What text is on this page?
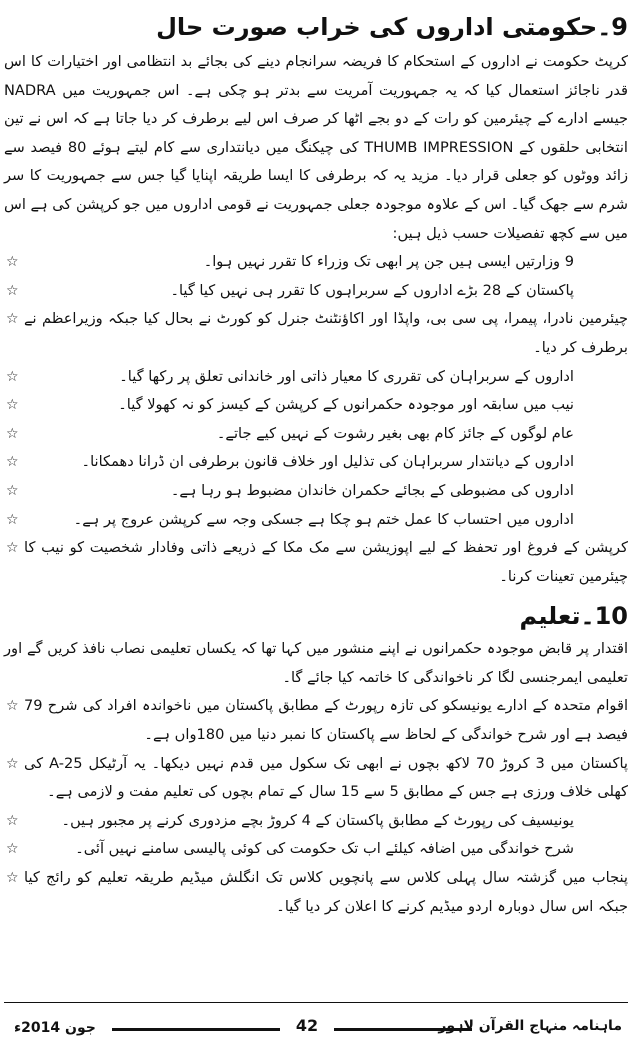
9۔حکومتی اداروں کی خراب صورت حال

کرپٹ حکومت نے اداروں کے استحکام کا فریضہ سرانجام دینے کی بجائے بد انتظامی اور اختیارات کا اس قدر ناجائز استعمال کیا کہ یہ جمہوریت آمریت سے بدتر ہو چکی ہے۔ اس جمہوریت میں NADRA جیسے ادارے کے چیئرمین کو رات کے دو بجے اٹھا کر صرف اس لیے برطرف کر دیا جاتا ہے کہ اس نے تین انتخابی حلقوں کے THUMB IMPRESSION کی چیکنگ میں دیانتداری سے کام لیتے ہوئے 80 فیصد سے زائد ووٹوں کو جعلی قرار دیا۔ مزید یہ کہ برطرفی کا ایسا طریقہ اپنایا گیا جس سے جمہوریت کا سر شرم سے جھک گیا۔ اس کے علاوہ موجودہ جعلی جمہوریت نے قومی اداروں میں جو کرپشن کی ہے اس میں سے کچھ تفصیلات حسب ذیل ہیں:

☆	9 وزارتیں ایسی ہیں جن پر ابھی تک وزراء کا تقرر نہیں ہوا۔
☆	پاکستان کے 28 بڑے اداروں کے سربراہوں کا تقرر ہی نہیں کیا گیا۔
☆ چیئرمین نادرا، پیمرا، پی سی بی، واپڈا اور اکاؤنٹنٹ جنرل کو کورٹ نے بحال کیا جبکہ وزیراعظم نے برطرف کر دیا۔
☆	اداروں کے سربراہان کی تقرری کا معیار ذاتی اور خاندانی تعلق پر رکھا گیا۔
☆	نیب میں سابقہ اور موجودہ حکمرانوں کے کرپشن کے کیسز کو نہ کھولا گیا۔
☆	عام لوگوں کے جائز کام بھی بغیر رشوت کے نہیں کیے جاتے۔
☆	اداروں کے دیانتدار سربراہان کی تذلیل اور خلاف قانون برطرفی ان ڈرانا دھمکانا۔
☆	اداروں کی مضبوطی کے بجائے حکمران خاندان مضبوط ہو رہا ہے۔
☆	اداروں میں احتساب کا عمل ختم ہو چکا ہے جسکی وجہ سے کرپشن عروج پر ہے۔
☆ کرپشن کے فروغ اور تحفظ کے لیے اپوزیشن سے مک مکا کے ذریعے ذاتی وفادار شخصیت کو نیب کا چیئرمین تعینات کرنا۔
10۔تعلیم

اقتدار پر قابض موجودہ حکمرانوں نے اپنے منشور میں کہا تھا کہ یکساں تعلیمی نصاب نافذ کریں گے اور تعلیمی ایمرجنسی لگا کر ناخواندگی کا خاتمہ کیا جائے گا۔

☆ اقوام متحدہ کے ادارے یونیسکو کی تازہ رپورٹ کے مطابق پاکستان میں ناخواندہ افراد کی شرح 79 فیصد ہے اور شرح خواندگی کے لحاظ سے پاکستان کا نمبر دنیا میں 180واں ہے۔
☆ پاکستان میں 3 کروڑ 70 لاکھ بچوں نے ابھی تک سکول میں قدم نہیں دیکھا۔ یہ آرٹیکل A-25 کی کھلی خلاف ورزی ہے جس کے مطابق 5 سے 15 سال کے تمام بچوں کی تعلیم مفت و لازمی ہے۔
☆	یونیسیف کی رپورٹ کے مطابق پاکستان کے 4 کروڑ بچے مزدوری کرنے پر مجبور ہیں۔
☆	شرح خواندگی میں اضافہ کیلئے اب تک حکومت کی کوئی پالیسی سامنے نہیں آئی۔
☆ پنجاب میں گزشتہ سال پہلی کلاس سے پانچویں کلاس تک انگلش میڈیم طریقہ تعلیم کو رائج کیا جبکہ اس سال دوبارہ اردو میڈیم کرنے کا اعلان کر دیا گیا۔
جون 2014ء	42	ماہنامہ منہاج القرآن لاہور
